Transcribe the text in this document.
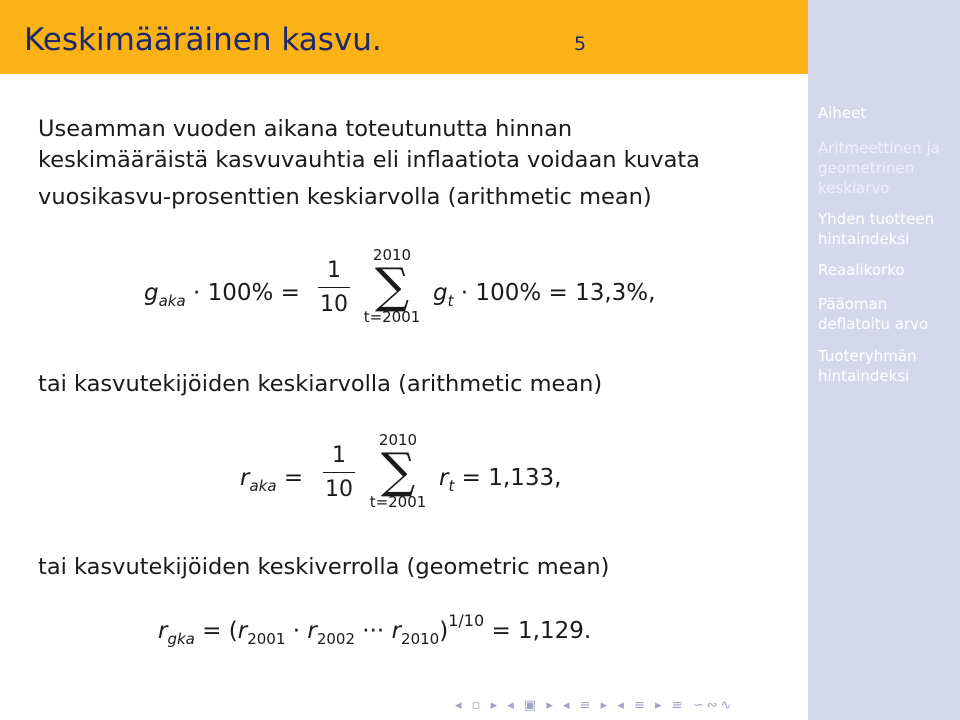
Keskimääräinen kasvu.	5
Aiheet
Aritmeettinen ja
geometrinen
keskiarvo
Yhden tuotteen
hintaindeksi
Reaalikorko
Pääoman
deflatoitu arvo
Tuoteryhmän
hintaindeksi
Useamman vuoden aikana toteutunutta hinnan
keskimääräistä kasvuvauhtia eli inflaatiota voidaan kuvata
vuosikasvu-prosenttien keskiarvolla (arithmetic mean)
$g_{aka} \cdot 100\%$ =
1
10
2010
∑
t=2001
$g_t \cdot 100\% = 13,3\%$,
tai kasvutekijöiden keskiarvolla (arithmetic mean)
$r_{aka}$ =
1
10
2010
∑
t=2001
$r_t = 1,133$,
tai kasvutekijöiden keskiverrolla (geometric mean)
$r_{gka} = (r_{2001} \cdot r_{2002}$ ··· $r_{2010})^{1/10} = 1,129$.
◂ ▫ ▸ ◂ ▣ ▸ ◂ ≡ ▸ ◂ ≡ ▸ ≡ ∽∾∿
